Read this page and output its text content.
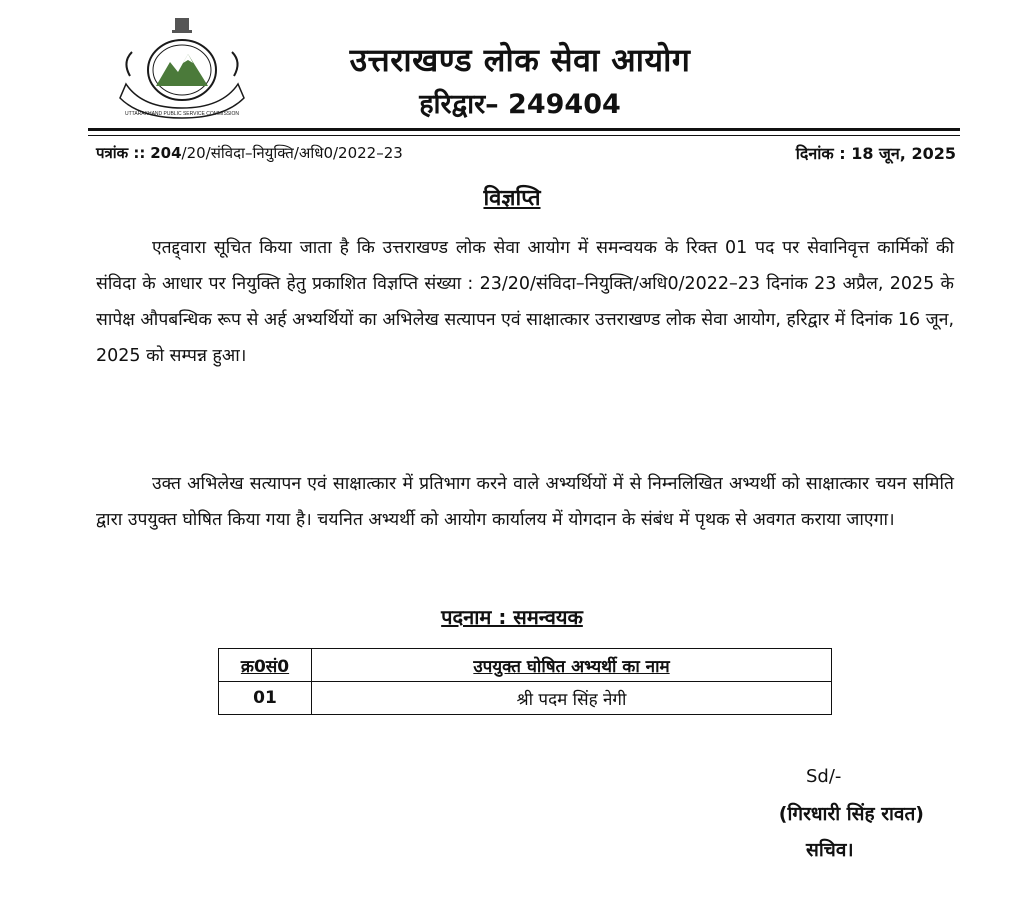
UTTARAKHAND PUBLIC SERVICE COMMISSION
उत्तराखण्ड लोक सेवा आयोग
हरिद्वार– 249404
पत्रांक :: 204/20/संविदा–नियुक्ति/अधि0/2022–23	दिनांक : 18 जून, 2025
विज्ञप्ति
एतद्द्वारा सूचित किया जाता है कि उत्तराखण्ड लोक सेवा आयोग में समन्वयक के रिक्त 01 पद पर सेवानिवृत्त कार्मिकों की संविदा के आधार पर नियुक्ति हेतु प्रकाशित विज्ञप्ति संख्या : 23/20/संविदा–नियुक्ति/अधि0/2022–23 दिनांक 23 अप्रैल, 2025 के सापेक्ष औपबन्धिक रूप से अर्ह अभ्यर्थियों का अभिलेख सत्यापन एवं साक्षात्कार उत्तराखण्ड लोक सेवा आयोग, हरिद्वार में दिनांक 16 जून, 2025 को सम्पन्न हुआ।
उक्त अभिलेख सत्यापन एवं साक्षात्कार में प्रतिभाग करने वाले अभ्यर्थियों में से निम्नलिखित अभ्यर्थी को साक्षात्कार चयन समिति द्वारा उपयुक्त घोषित किया गया है। चयनित अभ्यर्थी को आयोग कार्यालय में योगदान के संबंध में पृथक से अवगत कराया जाएगा।
पदनाम : समन्वयक
क्र0सं0	उपयुक्त घोषित अभ्यर्थी का नाम
01	श्री पदम सिंह नेगी
Sd/-
(गिरधारी सिंह रावत)
सचिव।
